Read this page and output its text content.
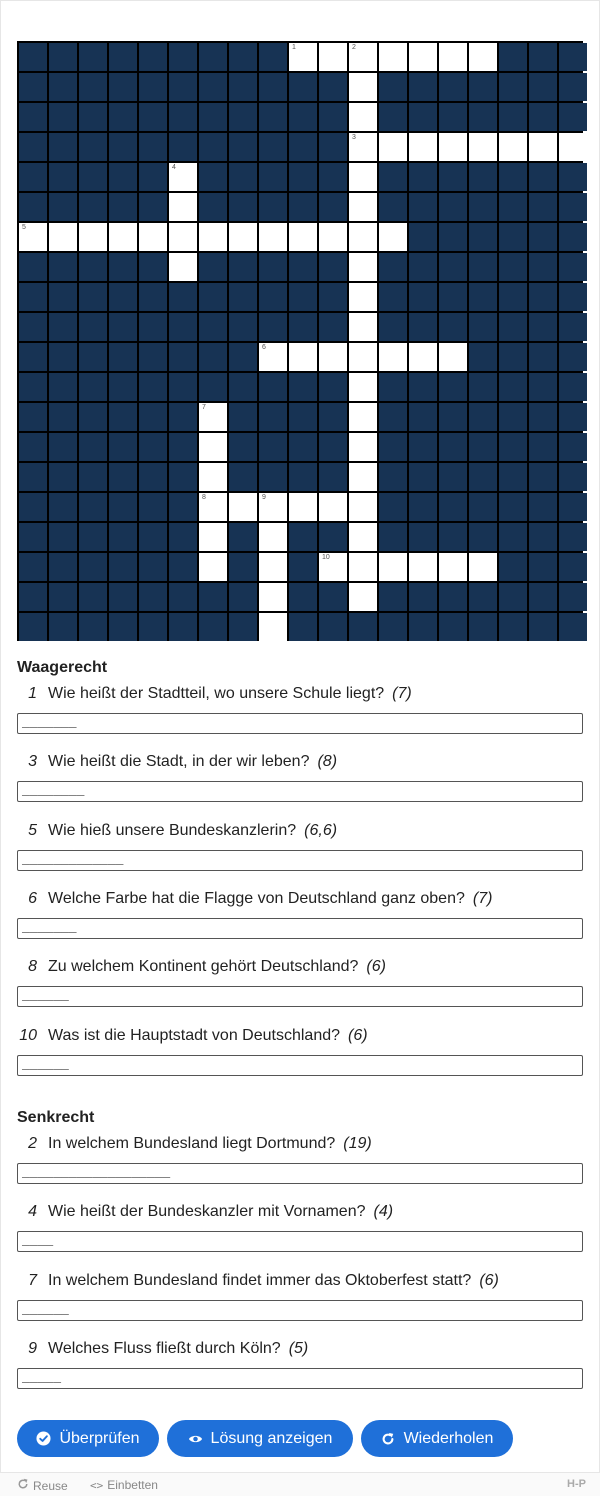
1	2
3
4
5
6
7
8	9
10
Waagerecht
1 Wie heißt der Stadtteil, wo unsere Schule liegt? (7)
_______
3 Wie heißt die Stadt, in der wir leben? (8)
________
5 Wie hieß unsere Bundeskanzlerin? (6,6)
_____________
6 Welche Farbe hat die Flagge von Deutschland ganz oben? (7)
_______
8 Zu welchem Kontinent gehört Deutschland? (6)
______
10 Was ist die Hauptstadt von Deutschland? (6)
______
Senkrecht
2 In welchem Bundesland liegt Dortmund? (19)
___________________
4 Wie heißt der Bundeskanzler mit Vornamen? (4)
____
7 In welchem Bundesland findet immer das Oktoberfest statt? (6)
______
9 Welches Fluss fließt durch Köln? (5)
_____
Überprüfen	Lösung anzeigen	Wiederholen
Reuse <> Einbetten	H-P
